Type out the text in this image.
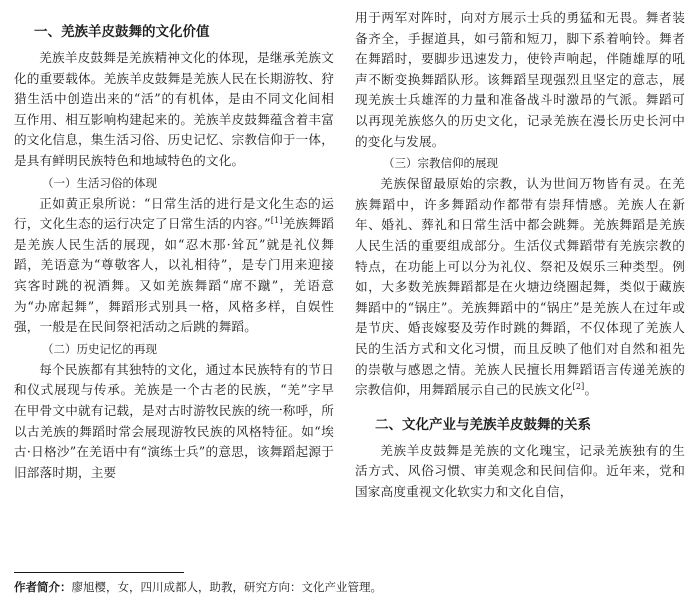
一、羌族羊皮鼓舞的文化价值

羌族羊皮鼓舞是羌族精神文化的体现，是继承羌族文化的重要载体。羌族羊皮鼓舞是羌族人民在长期游牧、狩猎生活中创造出来的“活”的有机体，是由不同文化间相互作用、相互影响构建起来的。羌族羊皮鼓舞蕴含着丰富的文化信息，集生活习俗、历史记忆、宗教信仰于一体，是具有鲜明民族特色和地域特色的文化。

（一）生活习俗的体现

正如黄正泉所说：“日常生活的进行是文化生态的运行，文化生态的运行决定了日常生活的内容。”[1]羌族舞蹈是羌族人民生活的展现，如“忍木那·耸瓦”就是礼仪舞蹈，羌语意为“尊敬客人，以礼相待”，是专门用来迎接宾客时跳的祝酒舞。又如羌族舞蹈“席不蹴”，羌语意为“办席起舞”，舞蹈形式别具一格，风格多样，自娱性强，一般是在民间祭祀活动之后跳的舞蹈。

（二）历史记忆的再现

每个民族都有其独特的文化，通过本民族特有的节日和仪式展现与传承。羌族是一个古老的民族，“羌”字早在甲骨文中就有记载，是对古时游牧民族的统一称呼，所以古羌族的舞蹈时常会展现游牧民族的风格特征。如“埃古·日格沙”在羌语中有“演练士兵”的意思，该舞蹈起源于旧部落时期，主要

用于两军对阵时，向对方展示士兵的勇猛和无畏。舞者装备齐全，手握道具，如弓箭和短刀，脚下系着响铃。舞者在舞蹈时，要脚步迅速发力，使铃声响起，伴随雄厚的吼声不断变换舞蹈队形。该舞蹈呈现强烈且坚定的意志，展现羌族士兵雄浑的力量和准备战斗时激昂的气派。舞蹈可以再现羌族悠久的历史文化，记录羌族在漫长历史长河中的变化与发展。

（三）宗教信仰的展现

羌族保留最原始的宗教，认为世间万物皆有灵。在羌族舞蹈中，许多舞蹈动作都带有崇拜情感。羌族人在新年、婚礼、葬礼和日常生活中都会跳舞。羌族舞蹈是羌族人民生活的重要组成部分。生活仪式舞蹈带有羌族宗教的特点，在功能上可以分为礼仪、祭祀及娱乐三种类型。例如，大多数羌族舞蹈都是在火塘边绕圈起舞，类似于藏族舞蹈中的“锅庄”。羌族舞蹈中的“锅庄”是羌族人在过年或是节庆、婚丧嫁娶及劳作时跳的舞蹈，不仅体现了羌族人民的生活方式和文化习惯，而且反映了他们对自然和祖先的崇敬与感恩之情。羌族人民擅长用舞蹈语言传递羌族的宗教信仰，用舞蹈展示自己的民族文化[2]。

二、文化产业与羌族羊皮鼓舞的关系

羌族羊皮鼓舞是羌族的文化瑰宝，记录羌族独有的生活方式、风俗习惯、审美观念和民间信仰。近年来，党和国家高度重视文化软实力和文化自信，

作者简介：廖旭樱，女，四川成都人，助教，研究方向：文化产业管理。
